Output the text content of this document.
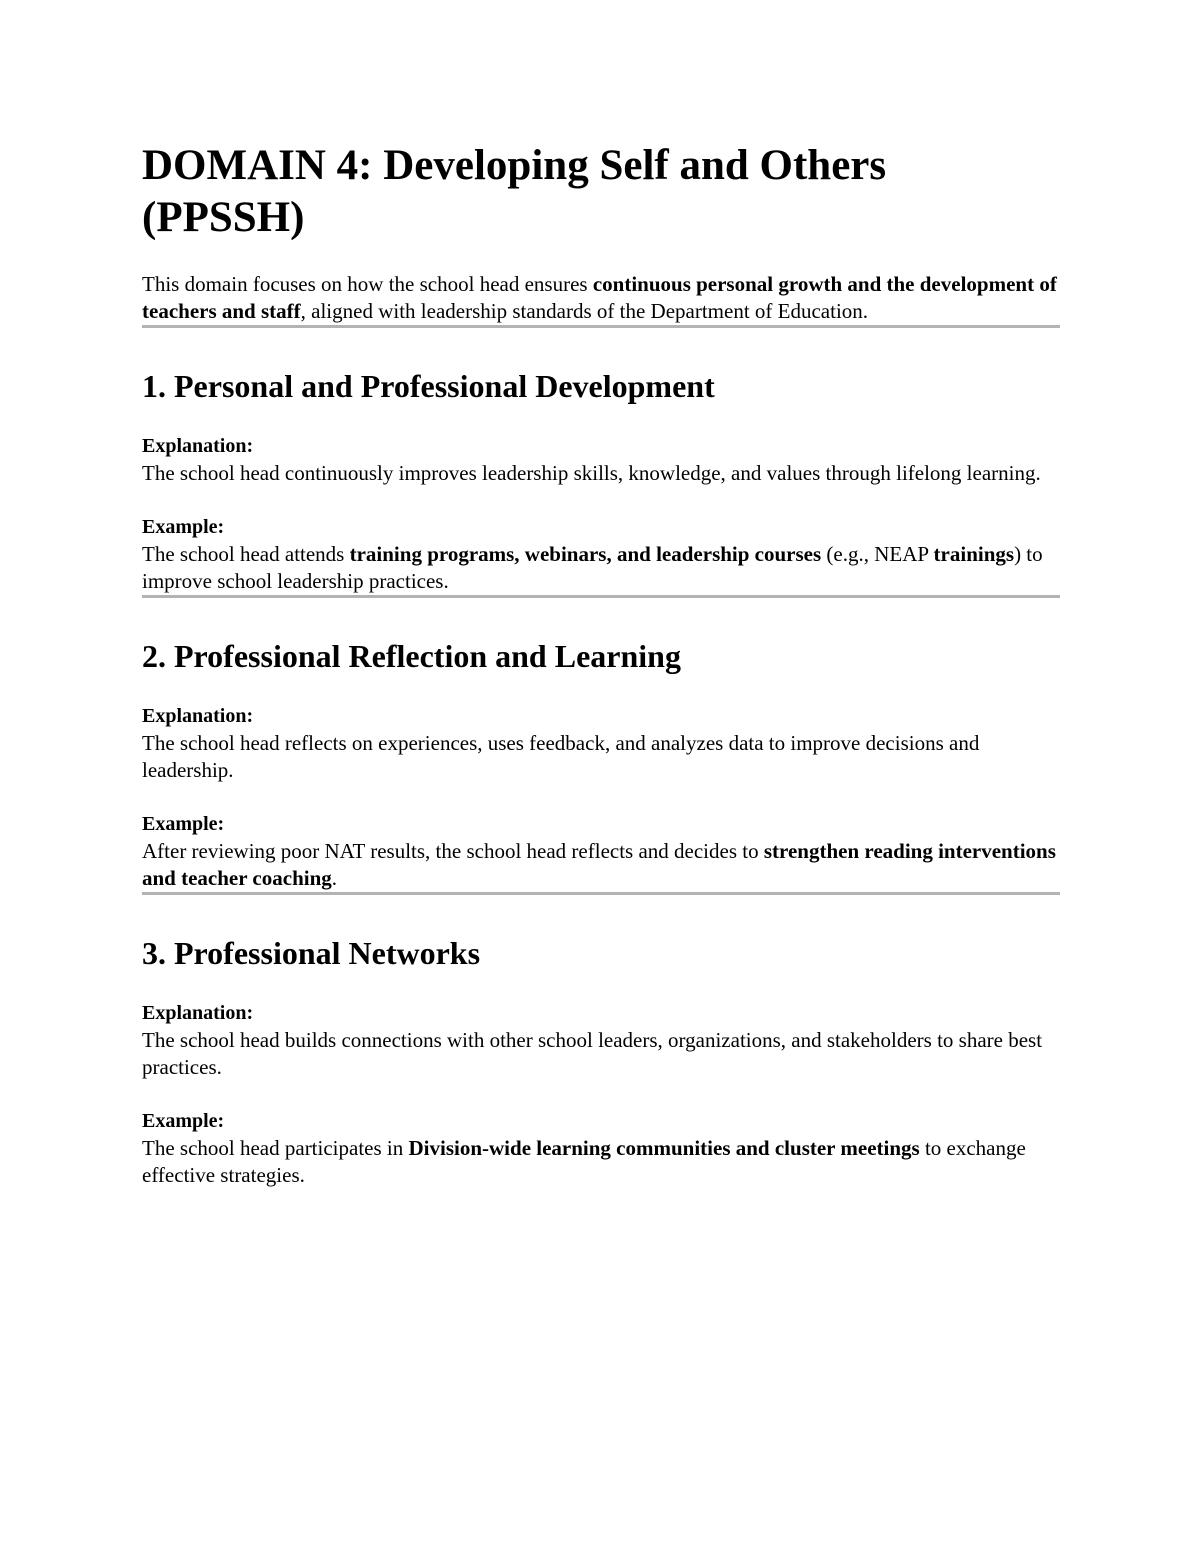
DOMAIN 4: Developing Self and Others (PPSSH)

This domain focuses on how the school head ensures continuous personal growth and the development of teachers and staff, aligned with leadership standards of the Department of Education.

1. Personal and Professional Development

Explanation:

The school head continuously improves leadership skills, knowledge, and values through lifelong learning.

Example:

The school head attends training programs, webinars, and leadership courses (e.g., NEAP trainings) to improve school leadership practices.

2. Professional Reflection and Learning

Explanation:

The school head reflects on experiences, uses feedback, and analyzes data to improve decisions and leadership.

Example:

After reviewing poor NAT results, the school head reflects and decides to strengthen reading interventions and teacher coaching.

3. Professional Networks

Explanation:

The school head builds connections with other school leaders, organizations, and stakeholders to share best practices.

Example:

The school head participates in Division-wide learning communities and cluster meetings to exchange effective strategies.
